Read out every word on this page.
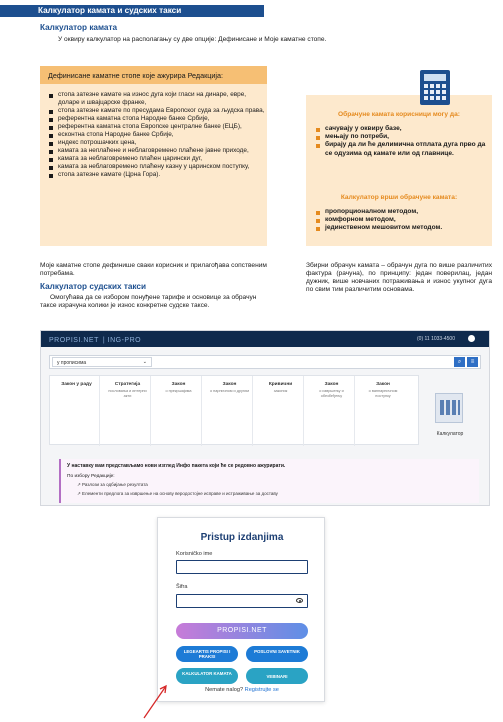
Калкулатор камата и судских такси
Калкулатор камата
У оквиру калкулатор на располагању су две опције: Дефинисане и Моје каматне стопе.
Дефинисане каматне стопе које ажурира Редакција:
стопа затезне камате на износ дуга који гласи на динаре, евре, доларе и швајцарске франке,
стопа затезне камате по пресудама Европског суда за људска права,
референтна каматна стопа Народне банке Србије,
референтна каматна стопа Европске централне банке (ЕЦБ),
есконтна стопа Народне банке Србије,
индекс потрошачких цена,
камата за неплаћене и неблаговремено плаћене јавне приходе,
камата за неблаговремено плаћен царински дуг,
камата за неблаговремено плаћену казну у царинском поступку,
стопа затезне камате (Црна Гора).
Обрачуне камата корисници могу да:
сачувају у оквиру базе,
мењају по потреби,
бирају да ли ће делимична отплата дуга прво да се одузима од камате или од главнице.
Калкулатор врши обрачуне камата:
пропорционалном методом,
комфорном методом,
јединственом мешовитом методом.
Моје каматне стопе дефинише сваки корисник и прилагођава сопственим потребама.
Збирни обрачун камата – обрачун дуга по више различитих фактура (рачуна), по принципу: један поверилац, један дужник, више новчаних потраживања и износ укупног дуга по свим тим различитим основама.
Калкулатор судских такси
Омогућава да се избором понуђене тарифе и основице за обрачун таксе израчуна колики је износ конкретне судске таксе.
PROPISI.NET | ING-PRO	(0) 11 1033-4500
у прописима	⌄	⌕	≡
Закон у раду	Стратегија
пословања и интерни акти
Закон
о прекршајима
Закон
о парничном и другим
Кривични
законик
Закон
о извршењу и обезбеђењу
Закон
о ванпарничном поступку
Калкулатор
У наставку вам представљамо нови изглед Инфо пакета који ће се редовно ажурирати.
По избору Редакције:
↗ Разлози за одбијање резултата
↗ Елементи предлога за извршење на основу веродостојне исправе и истраживање за доставу
Pristup izdanjima
Korisničko ime
Šifra
PROPISI.NET
LEGEARTIS PROPISI I PRAKSI
POSLOVNI SAVETNIK
KALKULATOR KAMATA
VEBINARI
Nemate nalog? Registrujte se
